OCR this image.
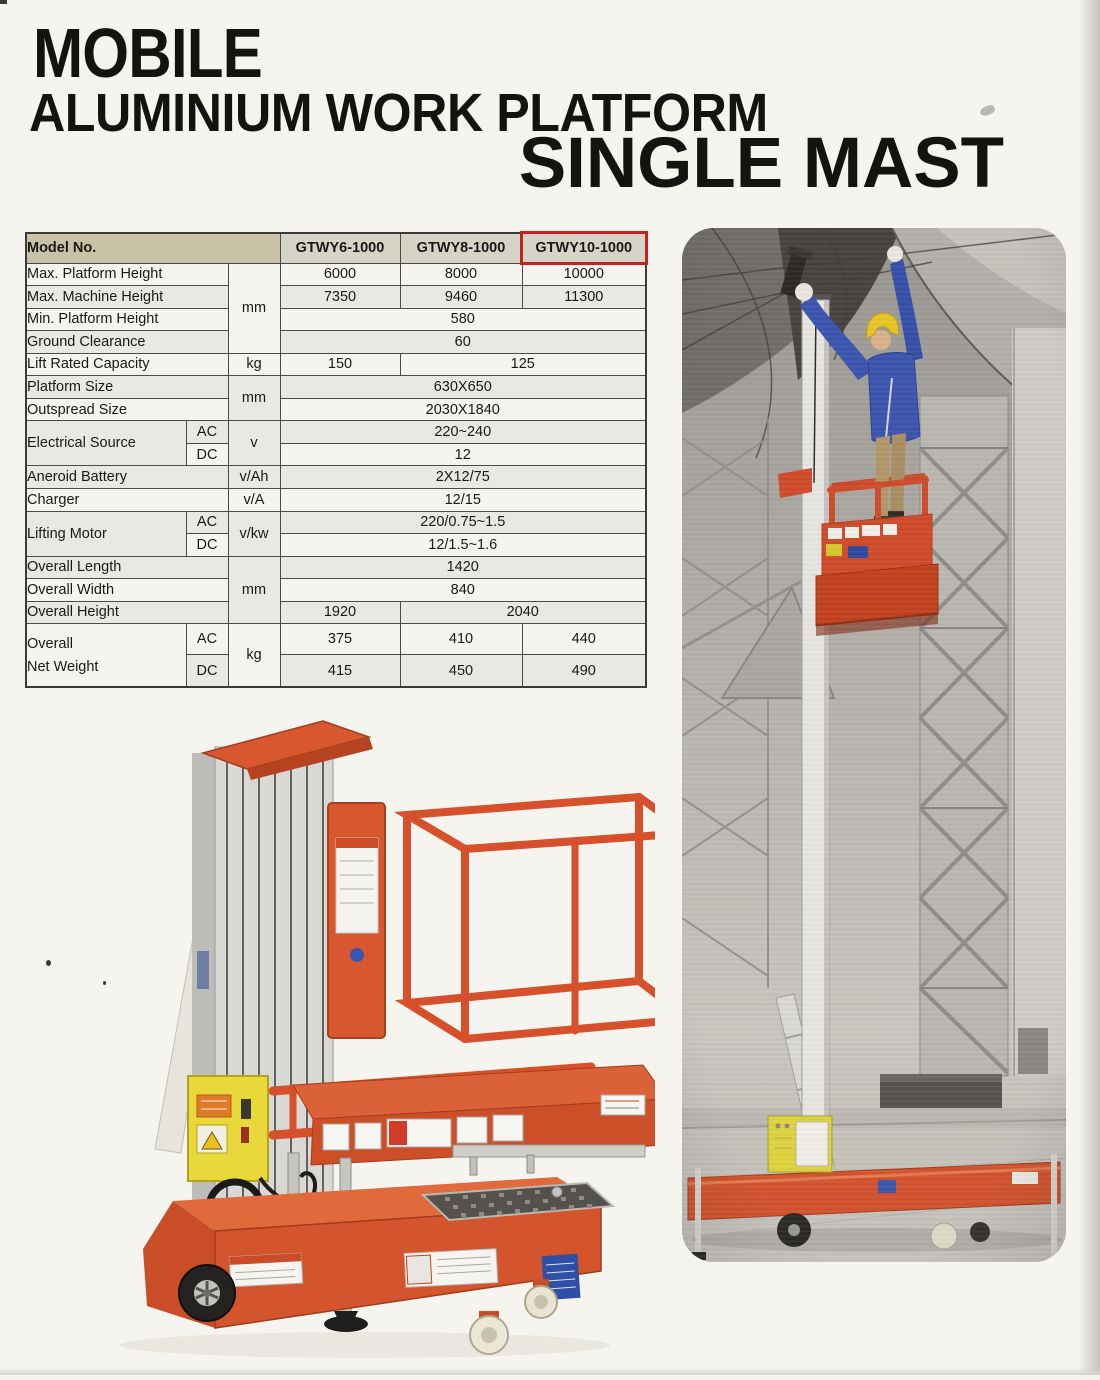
MOBILE
ALUMINIUM WORK PLATFORM
SINGLE MAST
Model No.			GTWY6-1000	GTWY8-1000	GTWY10-1000
Max. Platform Height		mm	6000	8000	10000
Max. Machine Height			7350	9460	11300
Min. Platform Height			580		
Ground Clearance			60		
Lift Rated Capacity		kg	150	125	
Platform Size		mm	630X650		
Outspread Size			2030X1840		
Electrical Source	AC	v	220~240		
	DC		12		
Aneroid Battery		v/Ah	2X12/75		
Charger		v/A	12/15		
Lifting Motor	AC	v/kw	220/0.75~1.5		
	DC		12/1.5~1.6		
Overall Length		mm	1420		
Overall Width			840		
Overall Height			1920	2040	

Overall
Net Weight	AC	kg	375	410	440
	DC		415	450	490
